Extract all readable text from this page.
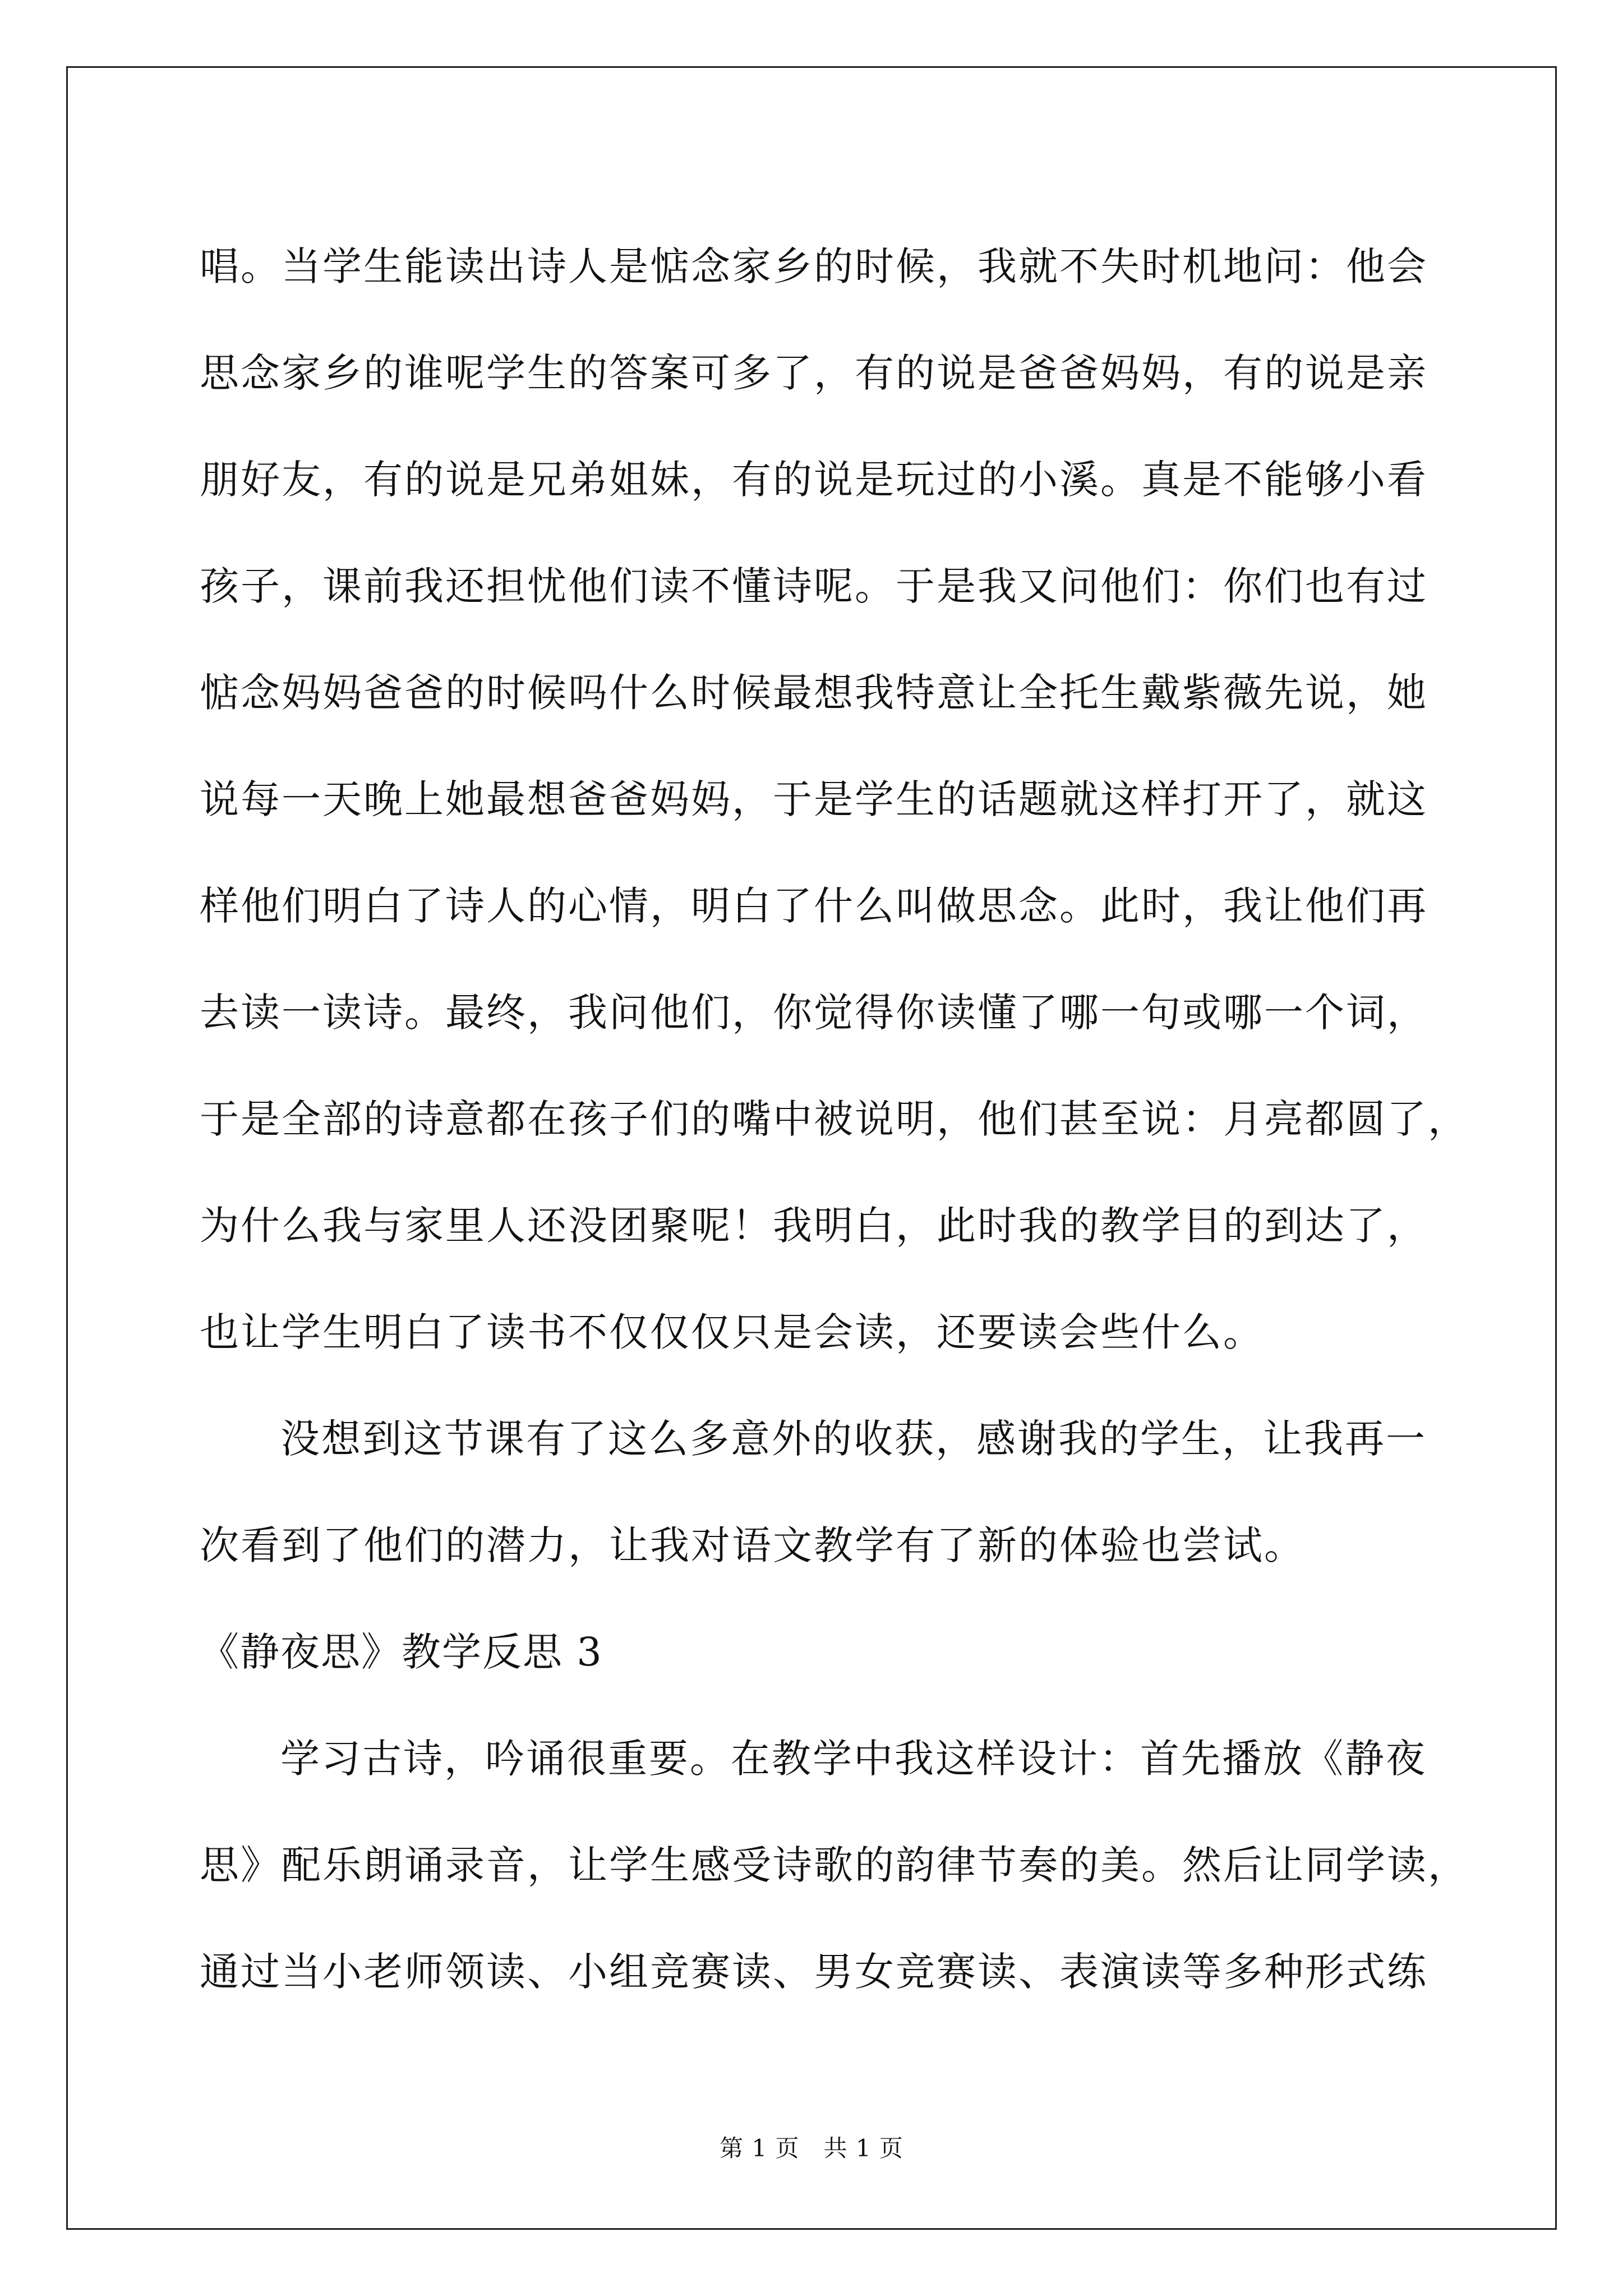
唱。当学生能读出诗人是惦念家乡的时候，我就不失时机地问：他会
思念家乡的谁呢学生的答案可多了，有的说是爸爸妈妈，有的说是亲
朋好友，有的说是兄弟姐妹，有的说是玩过的小溪。真是不能够小看
孩子，课前我还担忧他们读不懂诗呢。于是我又问他们：你们也有过
惦念妈妈爸爸的时候吗什么时候最想我特意让全托生戴紫薇先说，她
说每一天晚上她最想爸爸妈妈，于是学生的话题就这样打开了，就这
样他们明白了诗人的心情，明白了什么叫做思念。此时，我让他们再
去读一读诗。最终，我问他们，你觉得你读懂了哪一句或哪一个词，
于是全部的诗意都在孩子们的嘴中被说明，他们甚至说：月亮都圆了，
为什么我与家里人还没团聚呢！我明白，此时我的教学目的到达了，
也让学生明白了读书不仅仅仅只是会读，还要读会些什么。
没想到这节课有了这么多意外的收获，感谢我的学生，让我再一
次看到了他们的潜力，让我对语文教学有了新的体验也尝试。
《静夜思》教学反思 3
学习古诗，吟诵很重要。在教学中我这样设计：首先播放《静夜
思》配乐朗诵录音，让学生感受诗歌的韵律节奏的美。然后让同学读，
通过当小老师领读、小组竞赛读、男女竞赛读、表演读等多种形式练
第 1 页　共 1 页
